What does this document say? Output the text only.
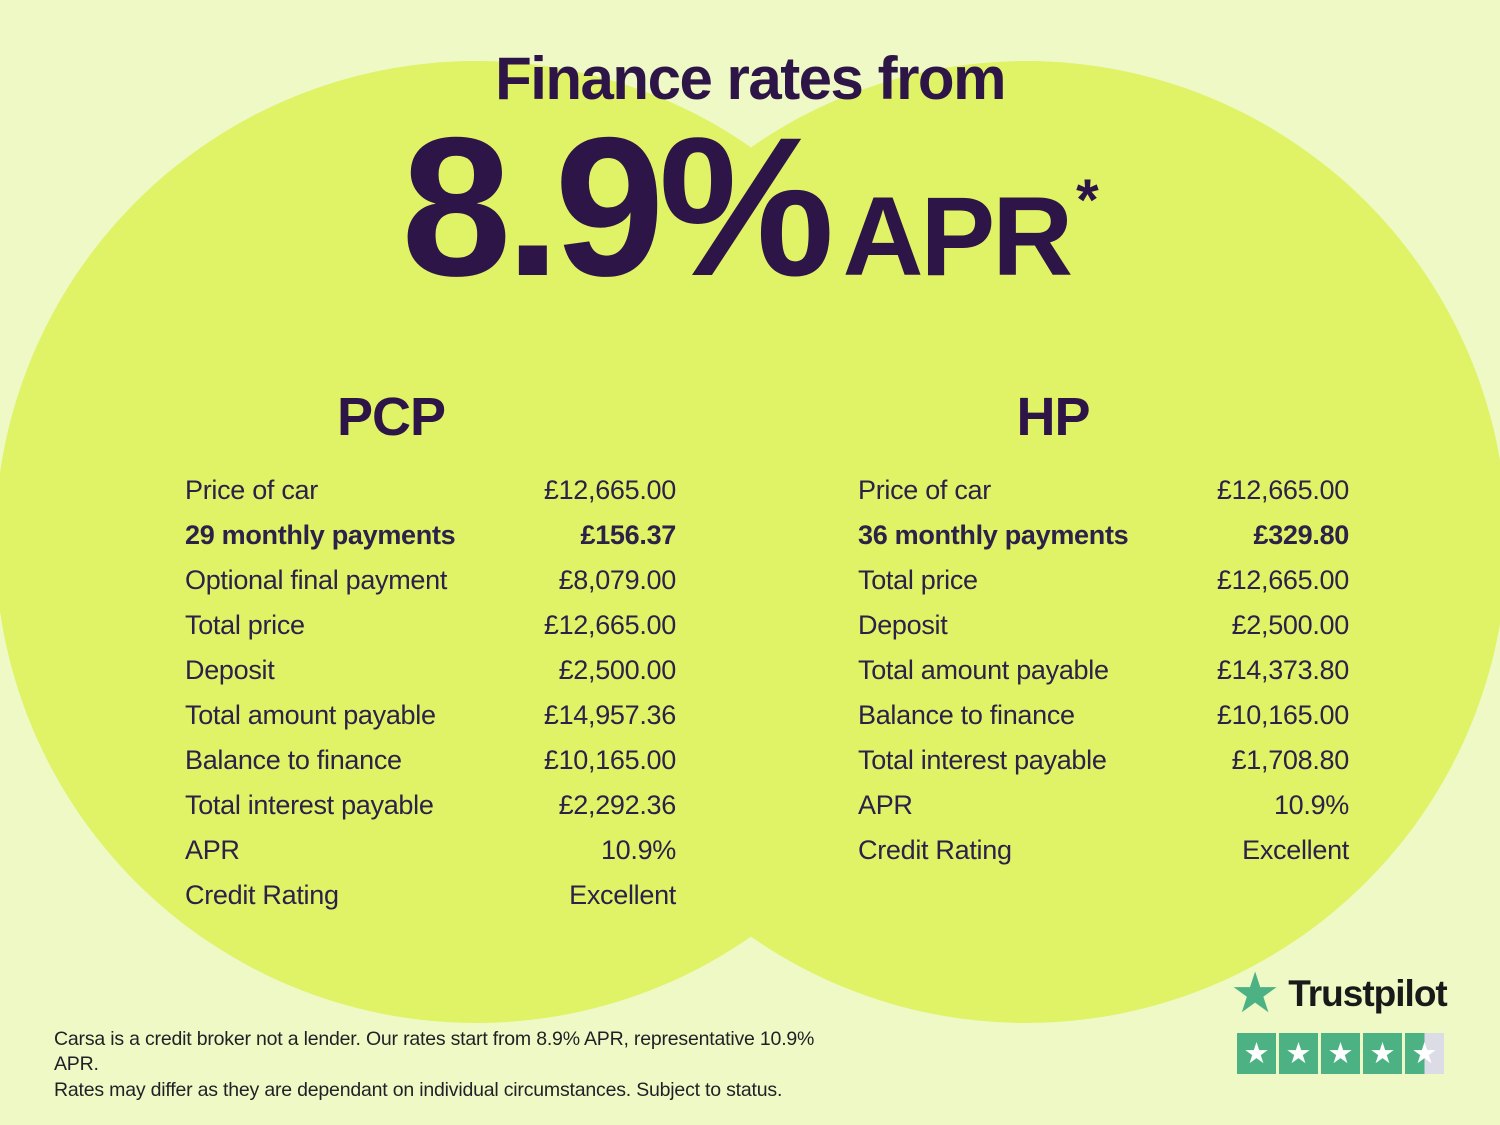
Finance rates from
8.9% APR *
PCP	HP
Price of car	£12,665.00
29 monthly payments	£156.37
Optional final payment	£8,079.00
Total price	£12,665.00
Deposit	£2,500.00
Total amount payable	£14,957.36
Balance to finance	£10,165.00
Total interest payable	£2,292.36
APR	10.9%
Credit Rating	Excellent
Price of car	£12,665.00
36 monthly payments	£329.80
Total price	£12,665.00
Deposit	£2,500.00
Total amount payable	£14,373.80
Balance to finance	£10,165.00
Total interest payable	£1,708.80
APR	10.9%
Credit Rating	Excellent
Carsa is a credit broker not a lender. Our rates start from 8.9% APR, representative 10.9% APR.
Rates may differ as they are dependant on individual circumstances. Subject to status.
★ Trustpilot
★ ★ ★ ★ ★
